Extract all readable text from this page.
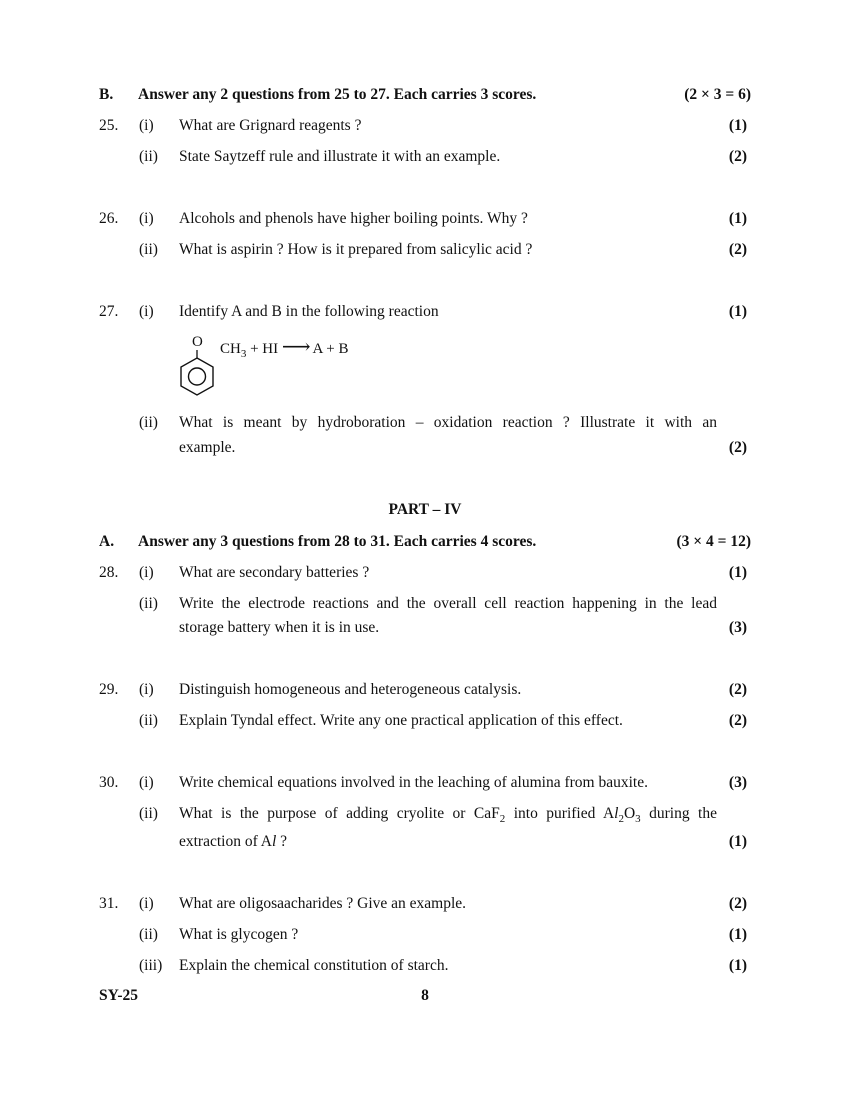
B. Answer any 2 questions from 25 to 27. Each carries 3 scores.	(2 × 3 = 6)
25. (i) What are Grignard reagents ?	(1)
(ii) State Saytzeff rule and illustrate it with an example.	(2)
26. (i) Alcohols and phenols have higher boiling points. Why ?	(1)
(ii) What is aspirin ? How is it prepared from salicylic acid ?	(2)
27. (i) Identify A and B in the following reaction	(1)
O $CH_3$ + HI ⟶ A + B
(ii) What is meant by hydroboration – oxidation reaction ? Illustrate it with an
example.	(2)
PART – IV
A. Answer any 3 questions from 28 to 31. Each carries 4 scores.	(3 × 4 = 12)
28. (i) What are secondary batteries ?	(1)
(ii) Write the electrode reactions and the overall cell reaction happening in the lead
storage battery when it is in use.	(3)
29. (i) Distinguish homogeneous and heterogeneous catalysis.	(2)
(ii) Explain Tyndal effect. Write any one practical application of this effect.	(2)
30. (i) Write chemical equations involved in the leaching of alumina from bauxite.	(3)
(ii) What is the purpose of adding cryolite or CaF$_2$ into purified $Al_2O_3$ during the
extraction of Al ?	(1)
31. (i) What are oligosaacharides ? Give an example.	(2)
(ii) What is glycogen ?	(1)
(iii) Explain the chemical constitution of starch.	(1)
SY-25	8
